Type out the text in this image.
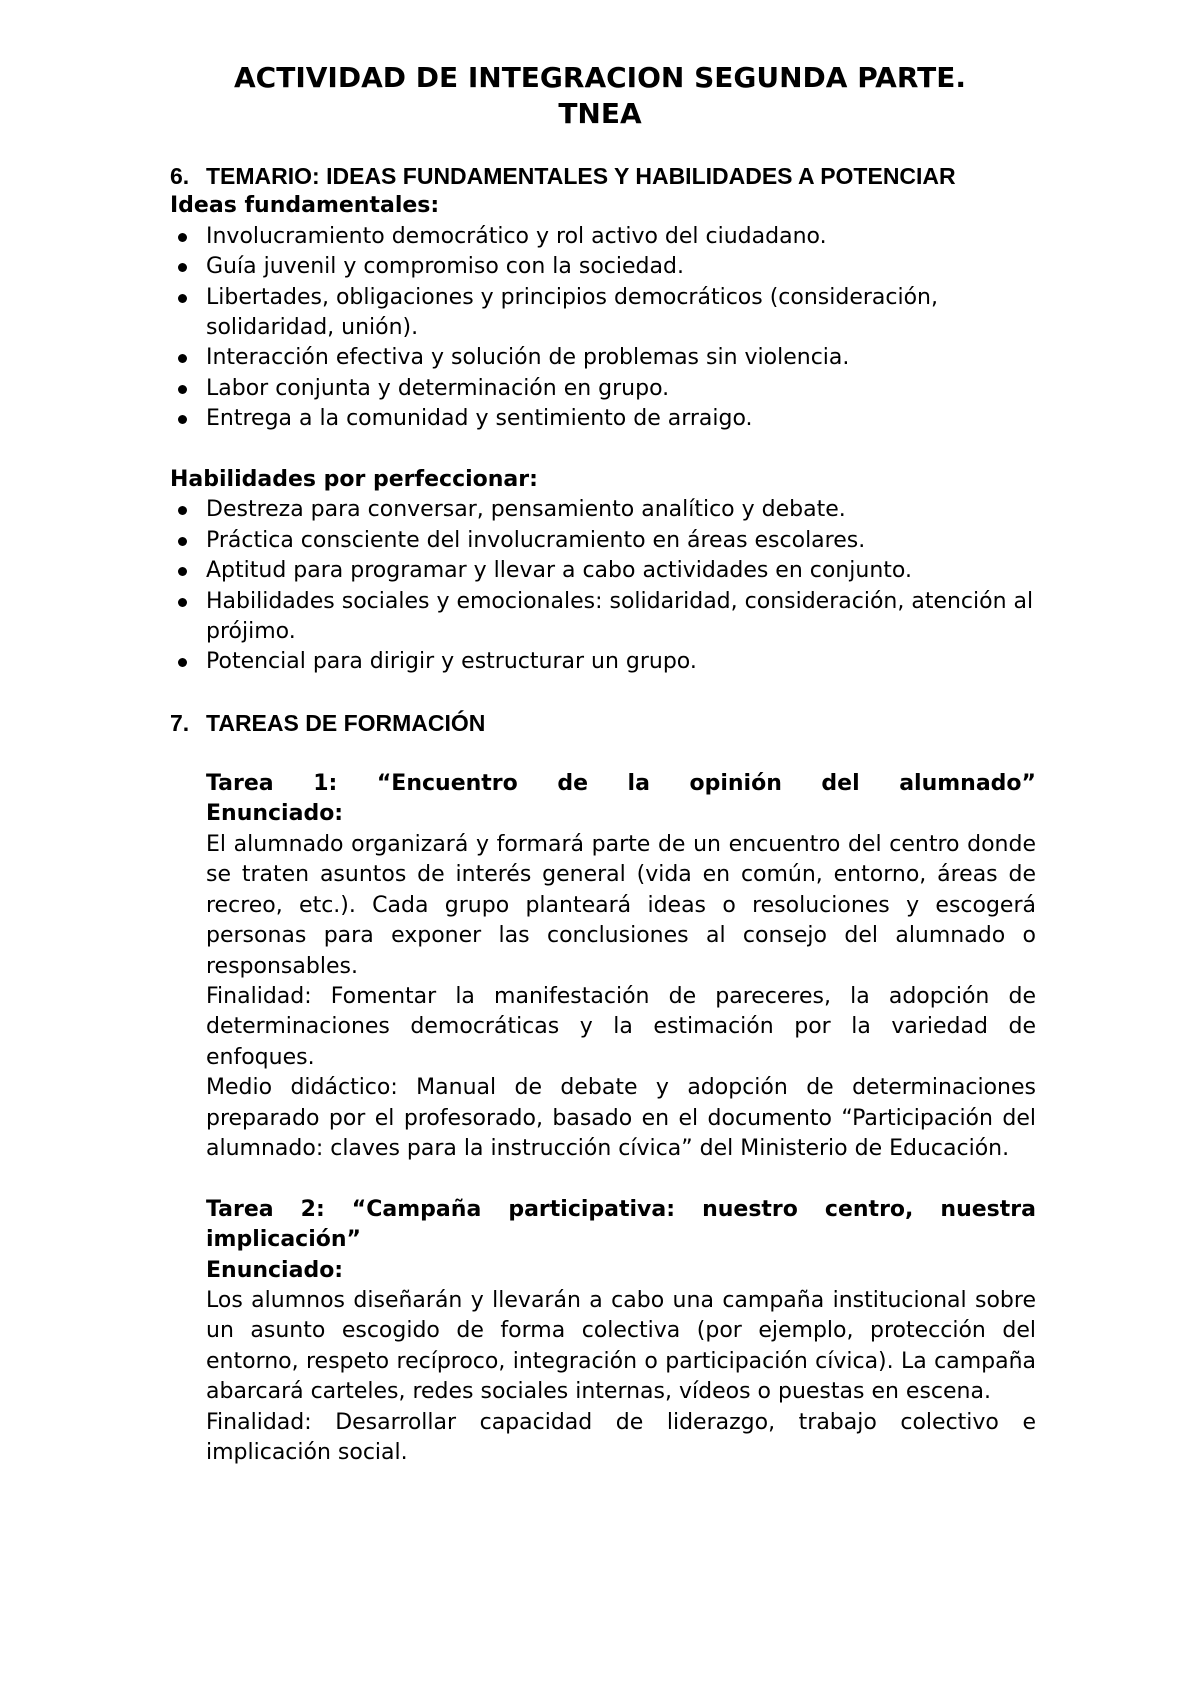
ACTIVIDAD DE INTEGRACION SEGUNDA PARTE.
TNEA
6. TEMARIO: IDEAS FUNDAMENTALES Y HABILIDADES A POTENCIAR
Ideas fundamentales:
Involucramiento democrático y rol activo del ciudadano.
Guía juvenil y compromiso con la sociedad.
Libertades, obligaciones y principios democráticos (consideración, solidaridad, unión).
Interacción efectiva y solución de problemas sin violencia.
Labor conjunta y determinación en grupo.
Entrega a la comunidad y sentimiento de arraigo.
Habilidades por perfeccionar:
Destreza para conversar, pensamiento analítico y debate.
Práctica consciente del involucramiento en áreas escolares.
Aptitud para programar y llevar a cabo actividades en conjunto.
Habilidades sociales y emocionales: solidaridad, consideración, atención al prójimo.
Potencial para dirigir y estructurar un grupo.
7. TAREAS DE FORMACIÓN
Tarea 1: “Encuentro de la opinión del alumnado”
Enunciado:
El alumnado organizará y formará parte de un encuentro del centro donde se traten asuntos de interés general (vida en común, entorno, áreas de recreo, etc.). Cada grupo planteará ideas o resoluciones y escogerá personas para exponer las conclusiones al consejo del alumnado o responsables.
Finalidad: Fomentar la manifestación de pareceres, la adopción de determinaciones democráticas y la estimación por la variedad de enfoques.
Medio didáctico: Manual de debate y adopción de determinaciones preparado por el profesorado, basado en el documento “Participación del alumnado: claves para la instrucción cívica” del Ministerio de Educación.
Tarea 2: “Campaña participativa: nuestro centro, nuestra implicación”
Enunciado:
Los alumnos diseñarán y llevarán a cabo una campaña institucional sobre un asunto escogido de forma colectiva (por ejemplo, protección del entorno, respeto recíproco, integración o participación cívica). La campaña abarcará carteles, redes sociales internas, vídeos o puestas en escena.
Finalidad: Desarrollar capacidad de liderazgo, trabajo colectivo e implicación social.
